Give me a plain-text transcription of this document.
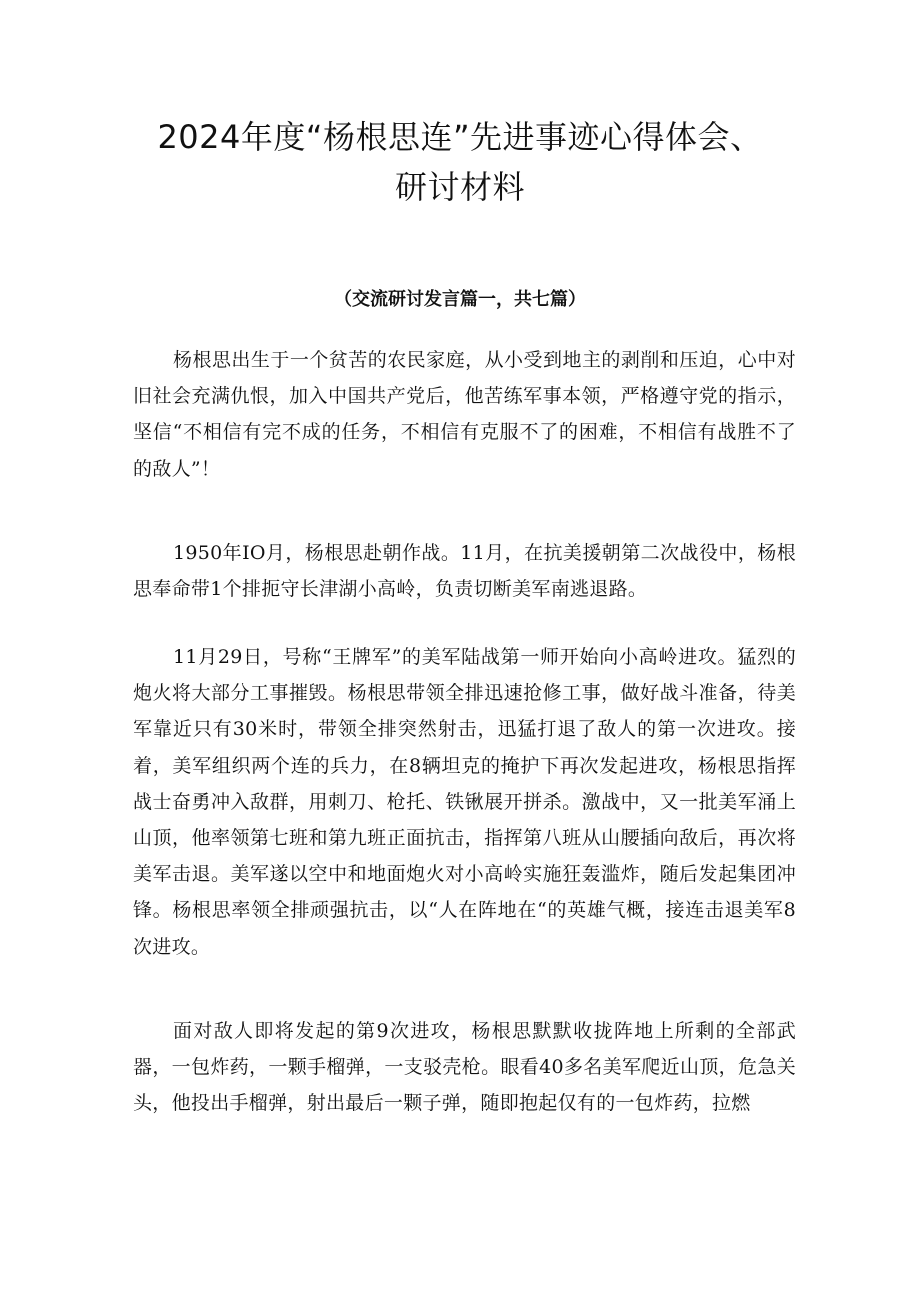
2024年度“杨根思连”先进事迹心得体会、
研讨材料

（交流研讨发言篇一，共七篇）

杨根思出生于一个贫苦的农民家庭，从小受到地主的剥削和压迫，心中对旧社会充满仇恨，加入中国共产党后，他苦练军事本领，严格遵守党的指示，坚信“不相信有完不成的任务，不相信有克服不了的困难，不相信有战胜不了的敌人”！

1950年IO月，杨根思赴朝作战。11月，在抗美援朝第二次战役中，杨根思奉命带1个排扼守长津湖小高岭，负责切断美军南逃退路。

11月29日，号称“王牌军”的美军陆战第一师开始向小高岭进攻。猛烈的炮火将大部分工事摧毁。杨根思带领全排迅速抢修工事，做好战斗准备，待美军靠近只有30米时，带领全排突然射击，迅猛打退了敌人的第一次进攻。接着，美军组织两个连的兵力，在8辆坦克的掩护下再次发起进攻，杨根思指挥战士奋勇冲入敌群，用刺刀、枪托、铁锹展开拼杀。激战中，又一批美军涌上山顶，他率领第七班和第九班正面抗击，指挥第八班从山腰插向敌后，再次将美军击退。美军遂以空中和地面炮火对小高岭实施狂轰滥炸，随后发起集团冲锋。杨根思率领全排顽强抗击，以“人在阵地在“的英雄气概，接连击退美军8次进攻。

面对敌人即将发起的第9次进攻，杨根思默默收拢阵地上所剩的全部武器，一包炸药，一颗手榴弹，一支驳壳枪。眼看40多名美军爬近山顶，危急关头，他投出手榴弹，射出最后一颗子弹，随即抱起仅有的一包炸药，拉燃
